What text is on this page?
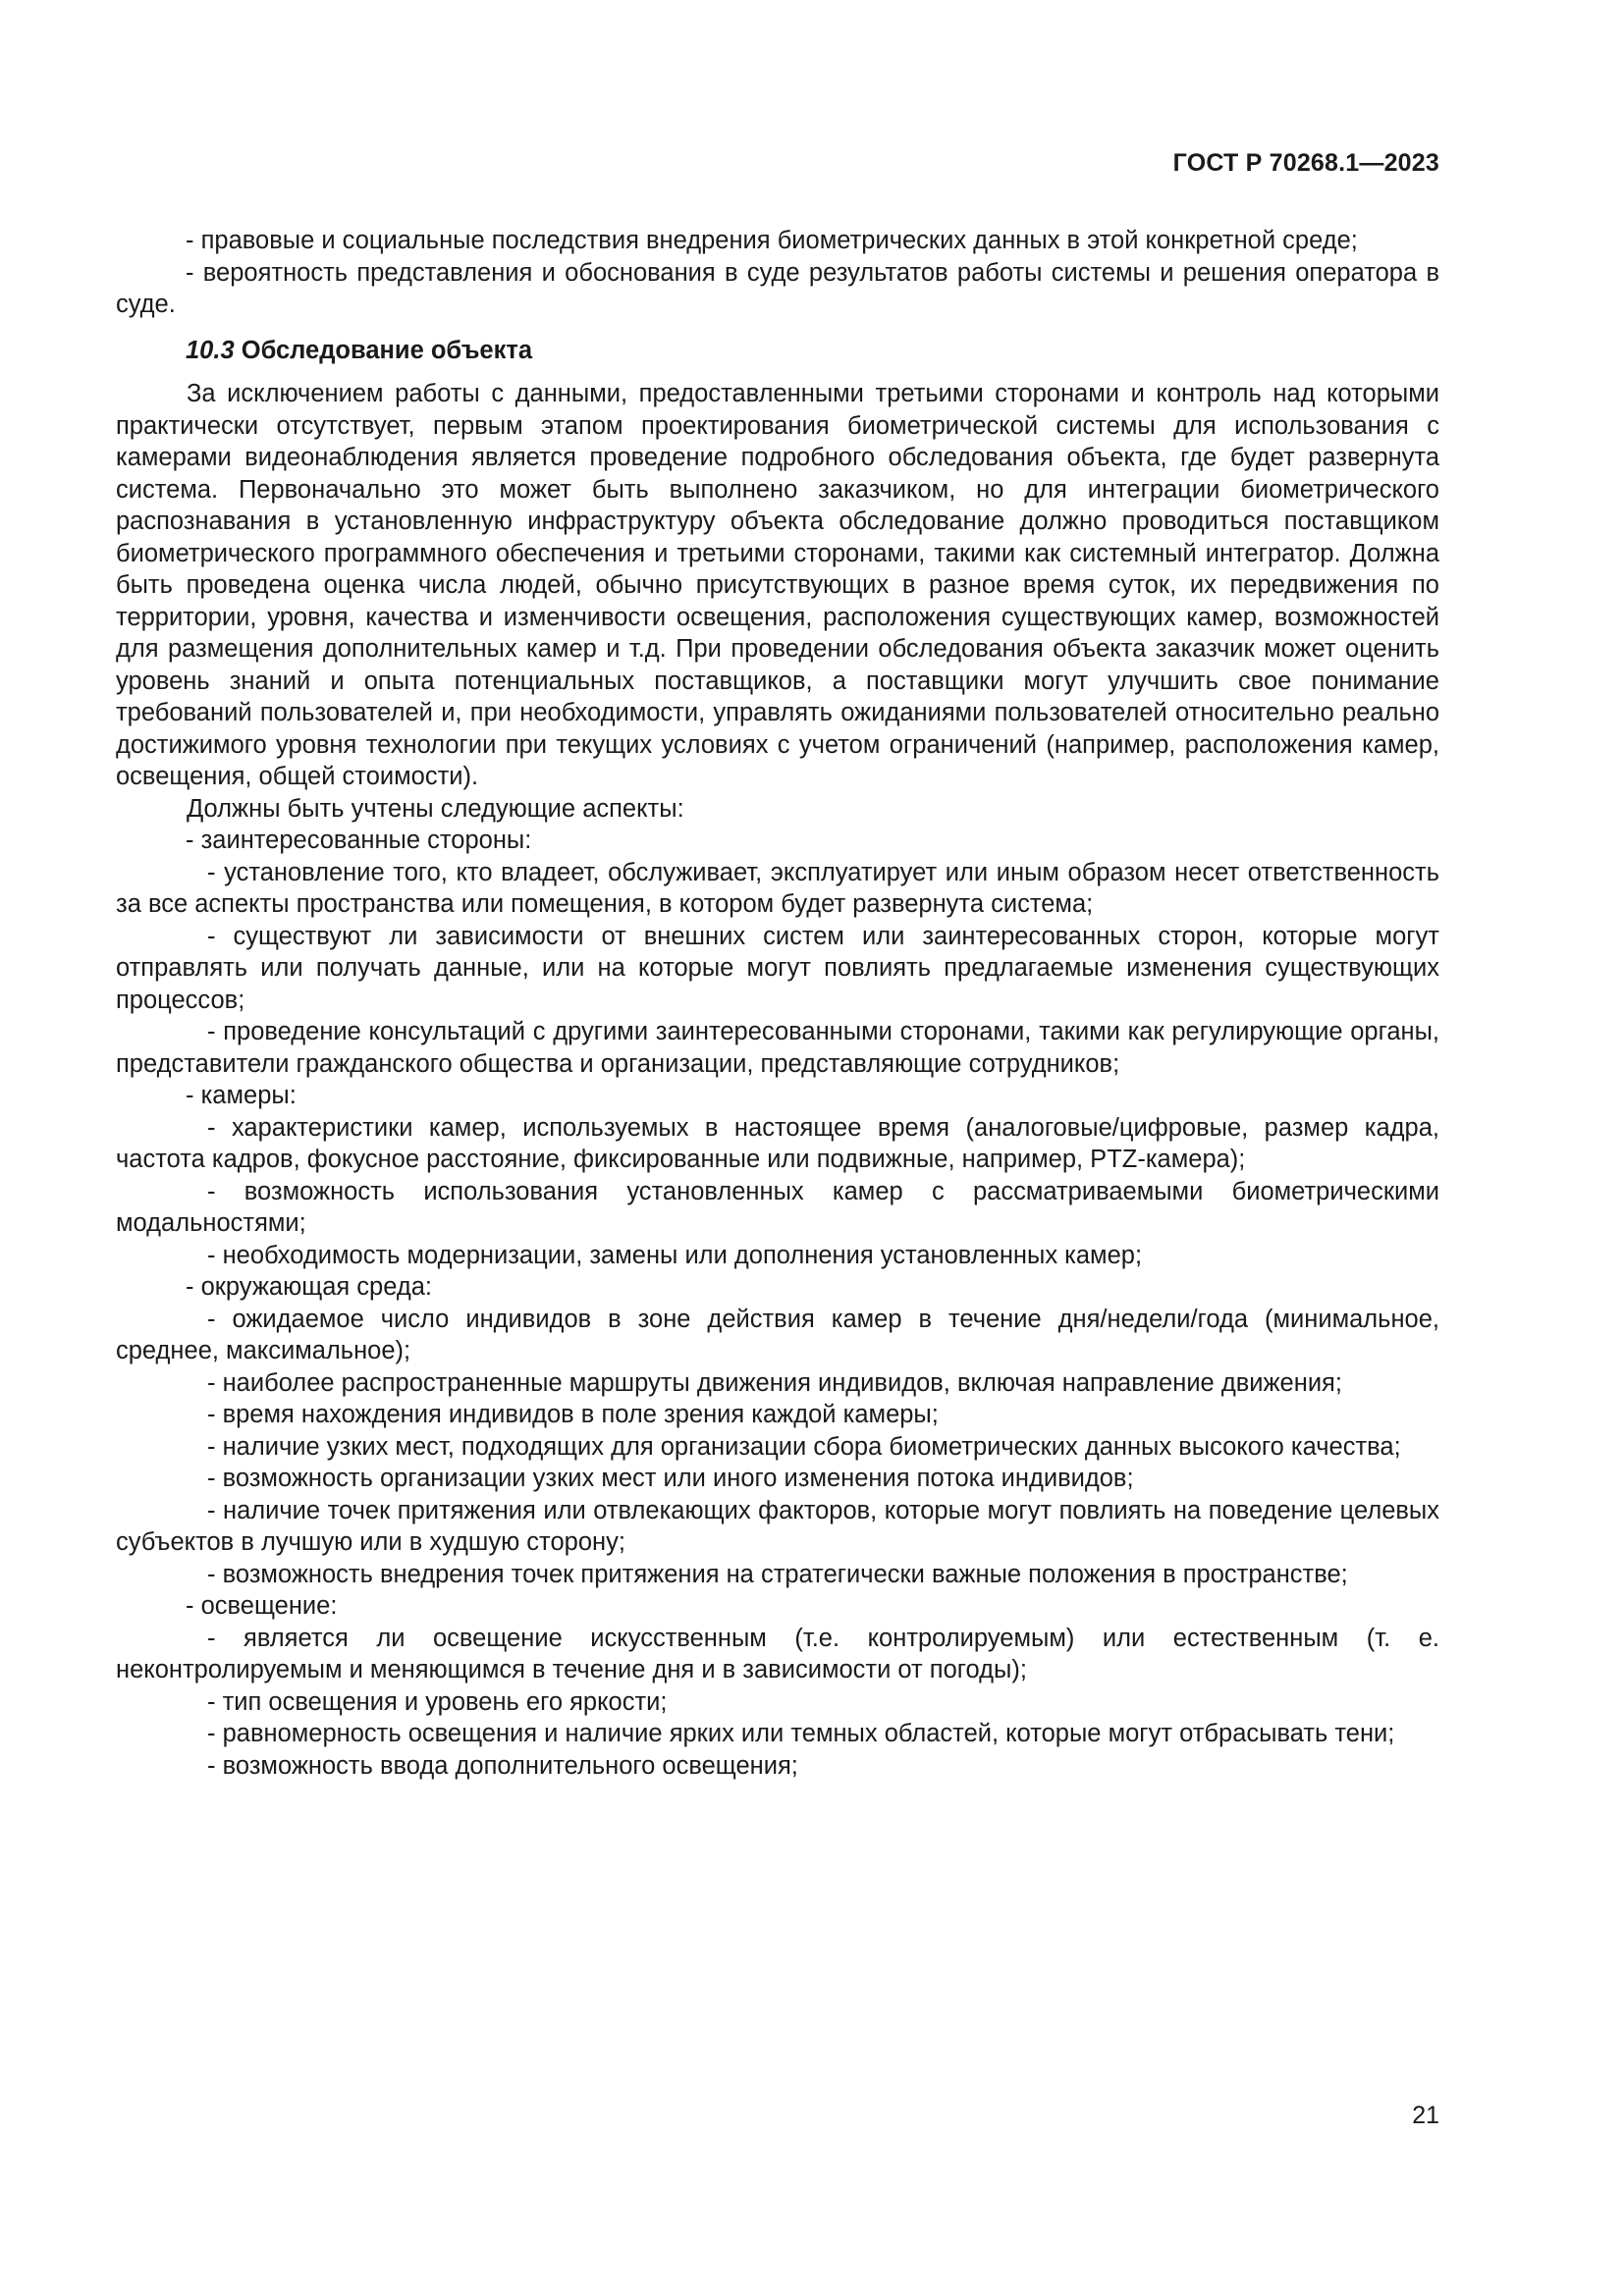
ГОСТ Р 70268.1—2023

- правовые и социальные последствия внедрения биометрических данных в этой конкретной среде;

- вероятность представления и обоснования в суде результатов работы системы и решения оператора в суде.

10.3 Обследование объекта

За исключением работы с данными, предоставленными третьими сторонами и контроль над которыми практически отсутствует, первым этапом проектирования биометрической системы для использования с камерами видеонаблюдения является проведение подробного обследования объекта, где будет развернута система. Первоначально это может быть выполнено заказчиком, но для интеграции биометрического распознавания в установленную инфраструктуру объекта обследование должно проводиться поставщиком биометрического программного обеспечения и третьими сторонами, такими как системный интегратор. Должна быть проведена оценка числа людей, обычно присутствующих в разное время суток, их передвижения по территории, уровня, качества и изменчивости освещения, расположения существующих камер, возможностей для размещения дополнительных камер и т.д. При проведении обследования объекта заказчик может оценить уровень знаний и опыта потенциальных поставщиков, а поставщики могут улучшить свое понимание требований пользователей и, при необходимости, управлять ожиданиями пользователей относительно реально достижимого уровня технологии при текущих условиях с учетом ограничений (например, расположения камер, освещения, общей стоимости).

Должны быть учтены следующие аспекты:

- заинтересованные стороны:

- установление того, кто владеет, обслуживает, эксплуатирует или иным образом несет ответственность за все аспекты пространства или помещения, в котором будет развернута система;

- существуют ли зависимости от внешних систем или заинтересованных сторон, которые могут отправлять или получать данные, или на которые могут повлиять предлагаемые изменения существующих процессов;

- проведение консультаций с другими заинтересованными сторонами, такими как регулирующие органы, представители гражданского общества и организации, представляющие сотрудников;

- камеры:

- характеристики камер, используемых в настоящее время (аналоговые/цифровые, размер кадра, частота кадров, фокусное расстояние, фиксированные или подвижные, например, PTZ-камера);

- возможность использования установленных камер с рассматриваемыми биометрическими модальностями;

- необходимость модернизации, замены или дополнения установленных камер;

- окружающая среда:

- ожидаемое число индивидов в зоне действия камер в течение дня/недели/года (минимальное, среднее, максимальное);

- наиболее распространенные маршруты движения индивидов, включая направление движения;

- время нахождения индивидов в поле зрения каждой камеры;

- наличие узких мест, подходящих для организации сбора биометрических данных высокого качества;

- возможность организации узких мест или иного изменения потока индивидов;

- наличие точек притяжения или отвлекающих факторов, которые могут повлиять на поведение целевых субъектов в лучшую или в худшую сторону;

- возможность внедрения точек притяжения на стратегически важные положения в пространстве;

- освещение:

- является ли освещение искусственным (т.е. контролируемым) или естественным (т. е. неконтролируемым и меняющимся в течение дня и в зависимости от погоды);

- тип освещения и уровень его яркости;

- равномерность освещения и наличие ярких или темных областей, которые могут отбрасывать тени;

- возможность ввода дополнительного освещения;

21
